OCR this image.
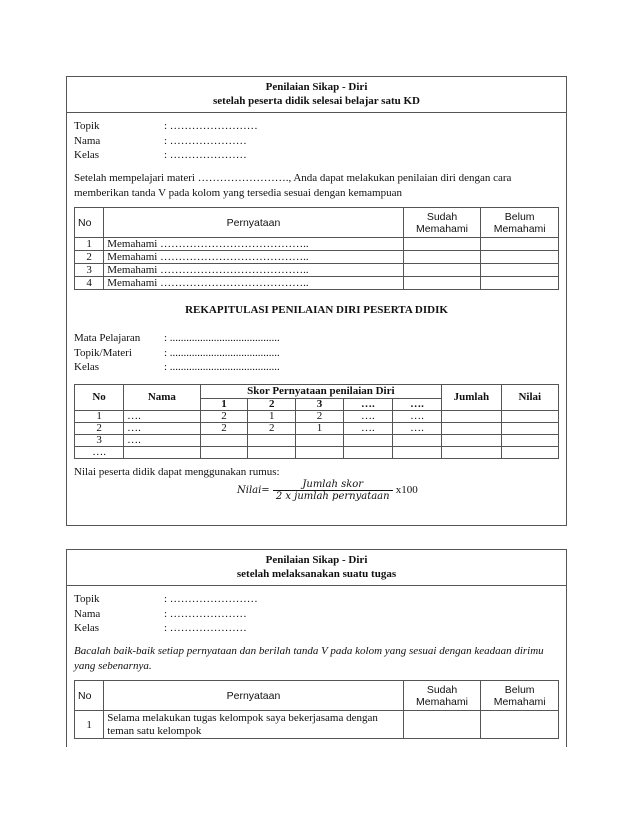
Penilaian Sikap - Diri
setelah peserta didik selesai belajar satu KD
Topik	: ……………………
Nama	: …………………
Kelas	: …………………
Setelah mempelajari materi ……………………., Anda dapat melakukan penilaian diri dengan cara memberikan tanda V pada kolom yang tersedia sesuai dengan kemampuan
No	Pernyataan	Sudah Memahami	Belum Memahami
1	Memahami …………………………………..		
2	Memahami …………………………………..		
3	Memahami …………………………………..		
4	Memahami …………………………………..		
REKAPITULASI PENILAIAN DIRI PESERTA DIDIK
Mata Pelajaran	: ........................................
Topik/Materi	: ........................................
Kelas	: ........................................
No	Nama	Skor Pernyataan penilaian Diri					Jumlah	Nilai
		1	2	3	….	….		
1	….	2	1	2	….	….		
2	….	2	2	1	….	….		
3	….							
….								
Nilai peserta didik dapat menggunakan rumus:
Nilai= $\frac{\text{Jumlah skor}}{\text{2 x jumlah pernyataan}} x100$
Penilaian Sikap - Diri
setelah melaksanakan suatu tugas
Topik	: ……………………
Nama	: …………………
Kelas	: …………………
Bacalah baik-baik setiap pernyataan dan berilah tanda V pada kolom yang sesuai dengan keadaan dirimu yang sebenarnya.
No	Pernyataan	Sudah Memahami	Belum Memahami
1	Selama melakukan tugas kelompok saya bekerjasama dengan teman satu kelompok		
